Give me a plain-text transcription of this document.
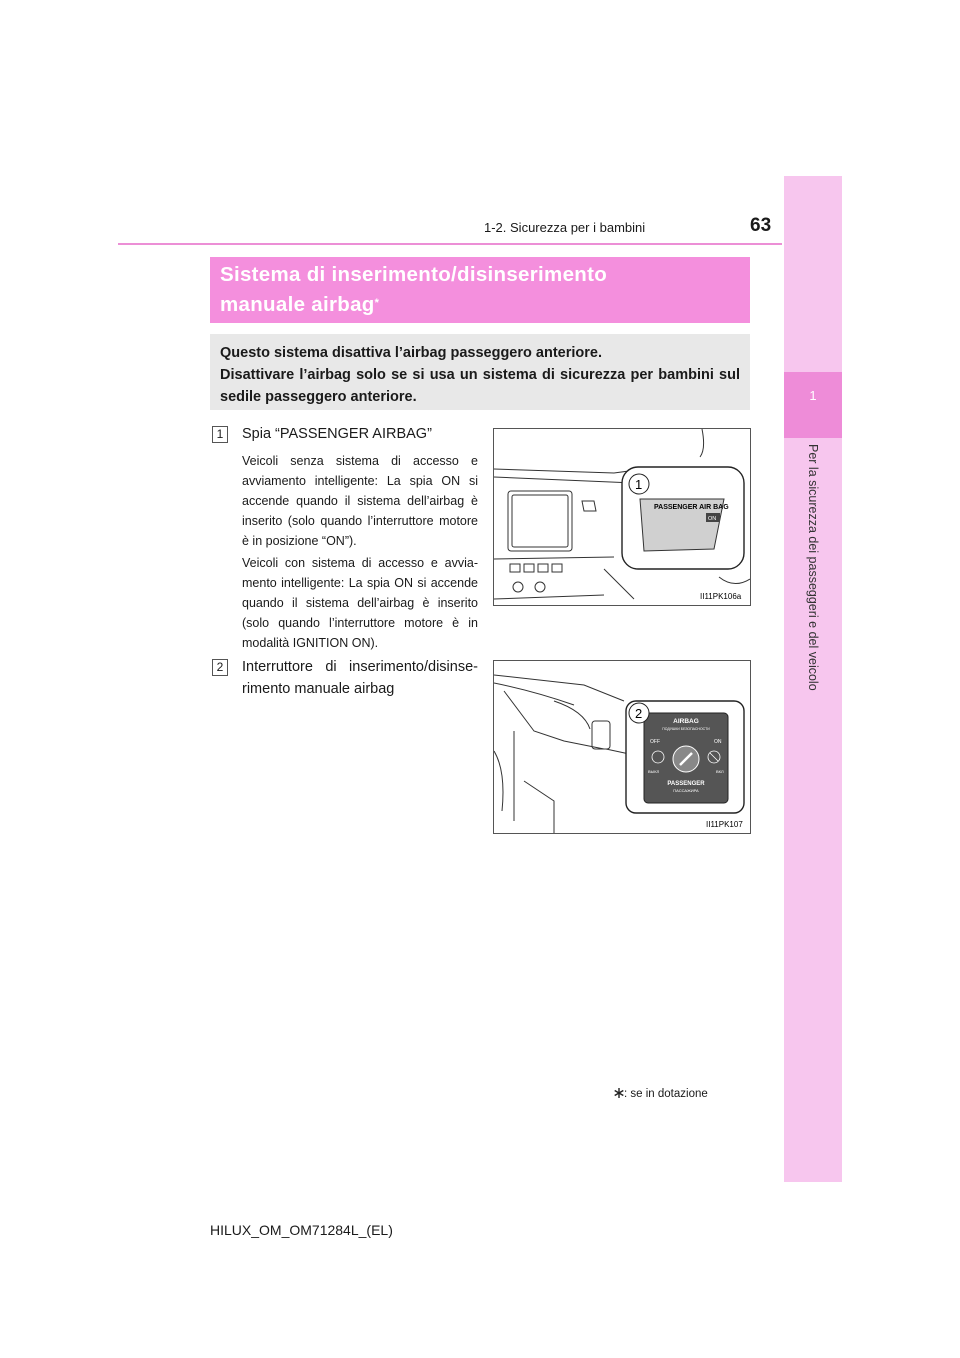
1-2. Sicurezza per i bambini	63
1
Per la sicurezza dei passeggeri e del veicolo
Sistema di inserimento/disinserimento
manuale airbag*
Questo sistema disattiva l’airbag passeggero anteriore.
Disattivare l’airbag solo se si usa un sistema di sicurezza per bambini sul sedile passeggero anteriore.
1	Spia “PASSENGER AIRBAG”
Veicoli senza sistema di accesso e avviamento intelligente: La spia ON si accende quando il sistema dell’airbag è inserito (solo quando l’interruttore motore è in posizione “ON”).
Veicoli con sistema di accesso e avviamento intelligente: La spia ON si accende quando il sistema dell’airbag è inserito (solo quando l’interruttore motore è in modalità IGNITION ON).
2	Interruttore di inserimento/disinserimento manuale airbag
1
PASSENGER AIR BAG
ON
II11PK106a
2
AIRBAG
ПОДУШКИ БЕЗОПАСНОСТИ
OFF	ON
ВЫКЛ	ВКЛ
PASSENGER
ПАССАЖИРА
II11PK107
: se in dotazione
HILUX_OM_OM71284L_(EL)
